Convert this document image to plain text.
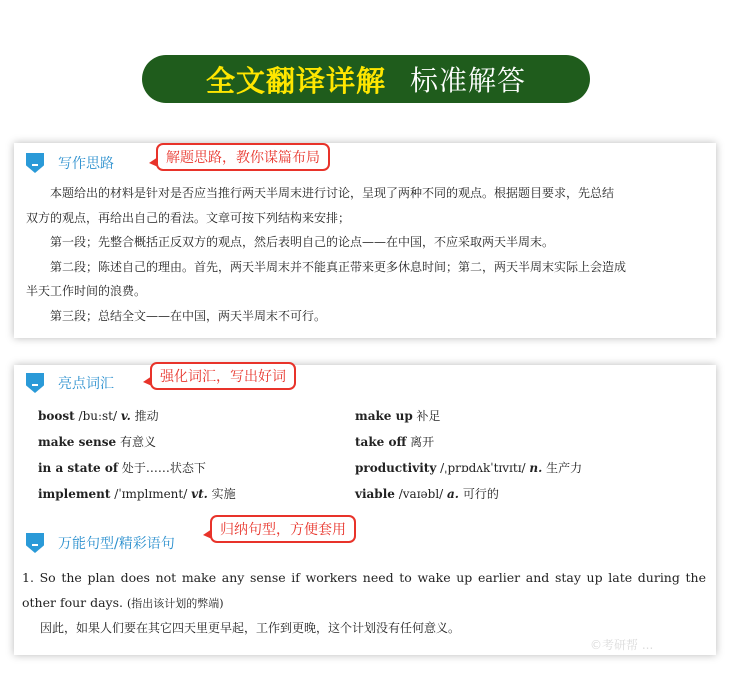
全文翻译详解 标准解答
写作思路	解题思路，教你谋篇布局

本题给出的材料是针对是否应当推行两天半周末进行讨论，呈现了两种不同的观点。根据题目要求，先总结

双方的观点，再给出自己的看法。文章可按下列结构来安排；

第一段；先整合概括正反双方的观点，然后表明自己的论点——在中国，不应采取两天半周末。

第二段；陈述自己的理由。首先，两天半周末并不能真正带来更多休息时间；第二，两天半周末实际上会造成

半天工作时间的浪费。

第三段；总结全文——在中国，两天半周末不可行。

亮点词汇	强化词汇，写出好词
boost /buːst/ v. 推动	make up 补足
make sense 有意义	take off 离开
in a state of 处于……状态下	productivity /ˌprɒdʌkˈtɪvɪtɪ/ n. 生产力
implement /ˈɪmplɪment/ vt. 实施	viable /vaɪəbl/ a. 可行的
万能句型/精彩语句
归纳句型，方便套用

1. So the plan does not make any sense if workers need to wake up earlier and stay up late during the other four days. (指出该计划的弊端)

因此，如果人们要在其它四天里更早起，工作到更晚，这个计划没有任何意义。

©考研帮 ...
